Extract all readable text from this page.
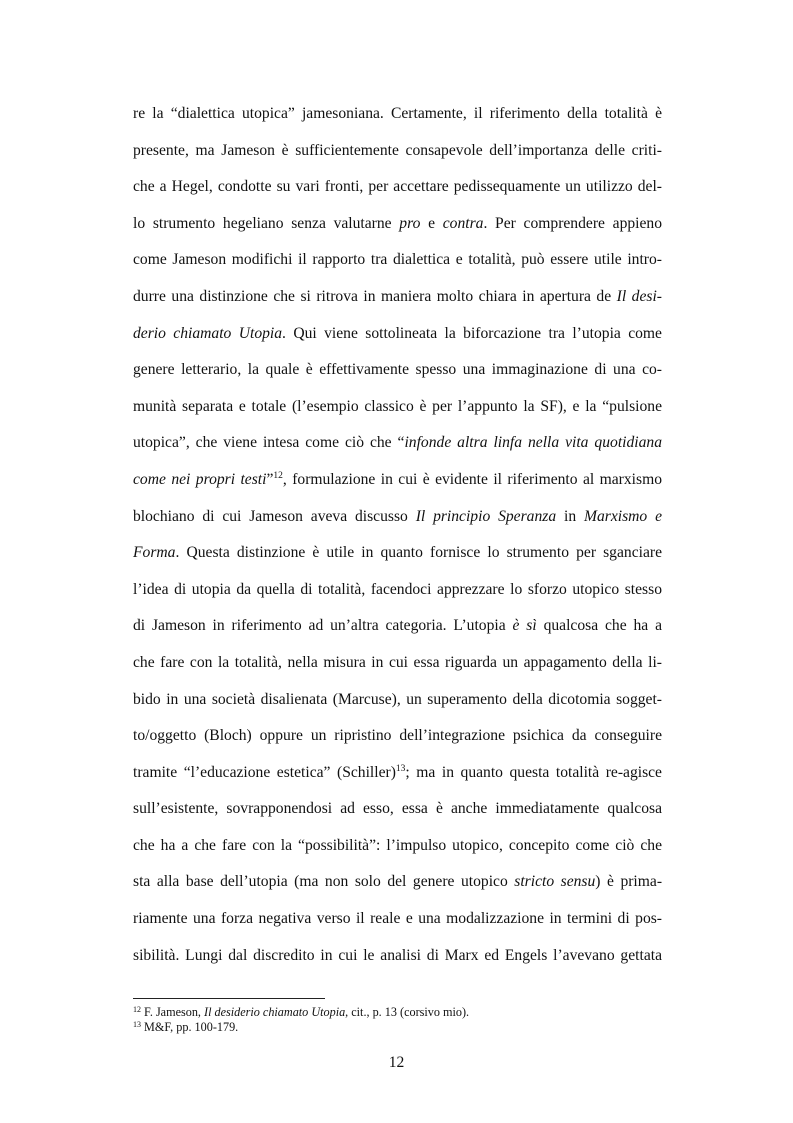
re la “dialettica utopica” jamesoniana. Certamente, il riferimento della totalità è
presente, ma Jameson è sufficientemente consapevole dell’importanza delle criti-
che a Hegel, condotte su vari fronti, per accettare pedissequamente un utilizzo del-
lo strumento hegeliano senza valutarne pro e contra. Per comprendere appieno
come Jameson modifichi il rapporto tra dialettica e totalità, può essere utile intro-
durre una distinzione che si ritrova in maniera molto chiara in apertura de Il desi-
derio chiamato Utopia. Qui viene sottolineata la biforcazione tra l’utopia come
genere letterario, la quale è effettivamente spesso una immaginazione di una co-
munità separata e totale (l’esempio classico è per l’appunto la SF), e la “pulsione
utopica”, che viene intesa come ciò che “infonde altra linfa nella vita quotidiana
come nei propri testi”$^{12}$, formulazione in cui è evidente il riferimento al marxismo
blochiano di cui Jameson aveva discusso Il principio Speranza in Marxismo e
Forma. Questa distinzione è utile in quanto fornisce lo strumento per sganciare
l’idea di utopia da quella di totalità, facendoci apprezzare lo sforzo utopico stesso
di Jameson in riferimento ad un’altra categoria. L’utopia è sì qualcosa che ha a
che fare con la totalità, nella misura in cui essa riguarda un appagamento della li-
bido in una società disalienata (Marcuse), un superamento della dicotomia sogget-
to/oggetto (Bloch) oppure un ripristino dell’integrazione psichica da conseguire
tramite “l’educazione estetica” (Schiller)$^{13}$; ma in quanto questa totalità re-agisce
sull’esistente, sovrapponendosi ad esso, essa è anche immediatamente qualcosa
che ha a che fare con la “possibilità”: l’impulso utopico, concepito come ciò che
sta alla base dell’utopia (ma non solo del genere utopico stricto sensu) è prima-
riamente una forza negativa verso il reale e una modalizzazione in termini di pos-
sibilità. Lungi dal discredito in cui le analisi di Marx ed Engels l’avevano gettata
$^{12}$ F. Jameson, Il desiderio chiamato Utopia, cit., p. 13 (corsivo mio).
$^{13}$ M&F, pp. 100-179.
12
